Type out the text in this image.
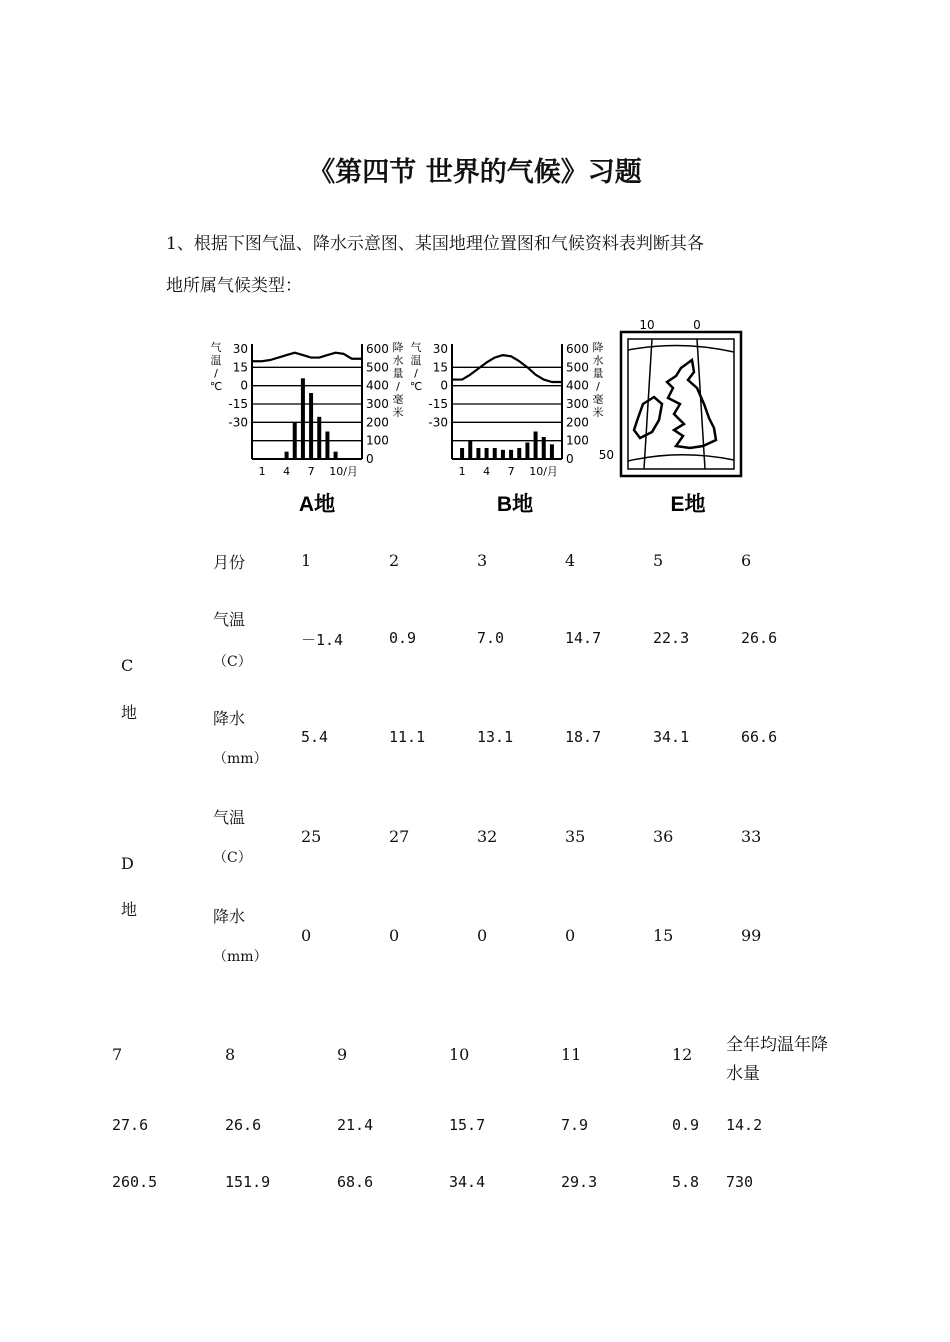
《第四节 世界的气候》习题
1、根据下图气温、降水示意图、某国地理位置图和气候资料表判断其各
地所属气候类型：
30
15
0
-15
-30
600
500
400
300
200
100
0
气
温
/
℃
降
水
量
/
毫
米
1 4 7 10/月
30
15
0
-15
-30
600
500
400
300
200
100
0
气
温
/
℃
降
水
量
/
毫
米
1 4 7 10/月
10	0
50
A地	B地	E地
月份	1	2	3	4	5	6
C
地
气温
（C）
－1.4	0.9	7.0	14.7	22.3	26.6
降水
（mm）
5.4	11.1	13.1	18.7	34.1	66.6
D
地
气温
（C）
25	27	32	35	36	33
降水
（mm）
0	0	0	0	15	99
7	8	9	10	11	12 全年均温年降
水量
27.6	26.6	21.4	15.7	7.9	0.9 14.2
260.5	151.9	68.6	34.4	29.3	5.8 730
